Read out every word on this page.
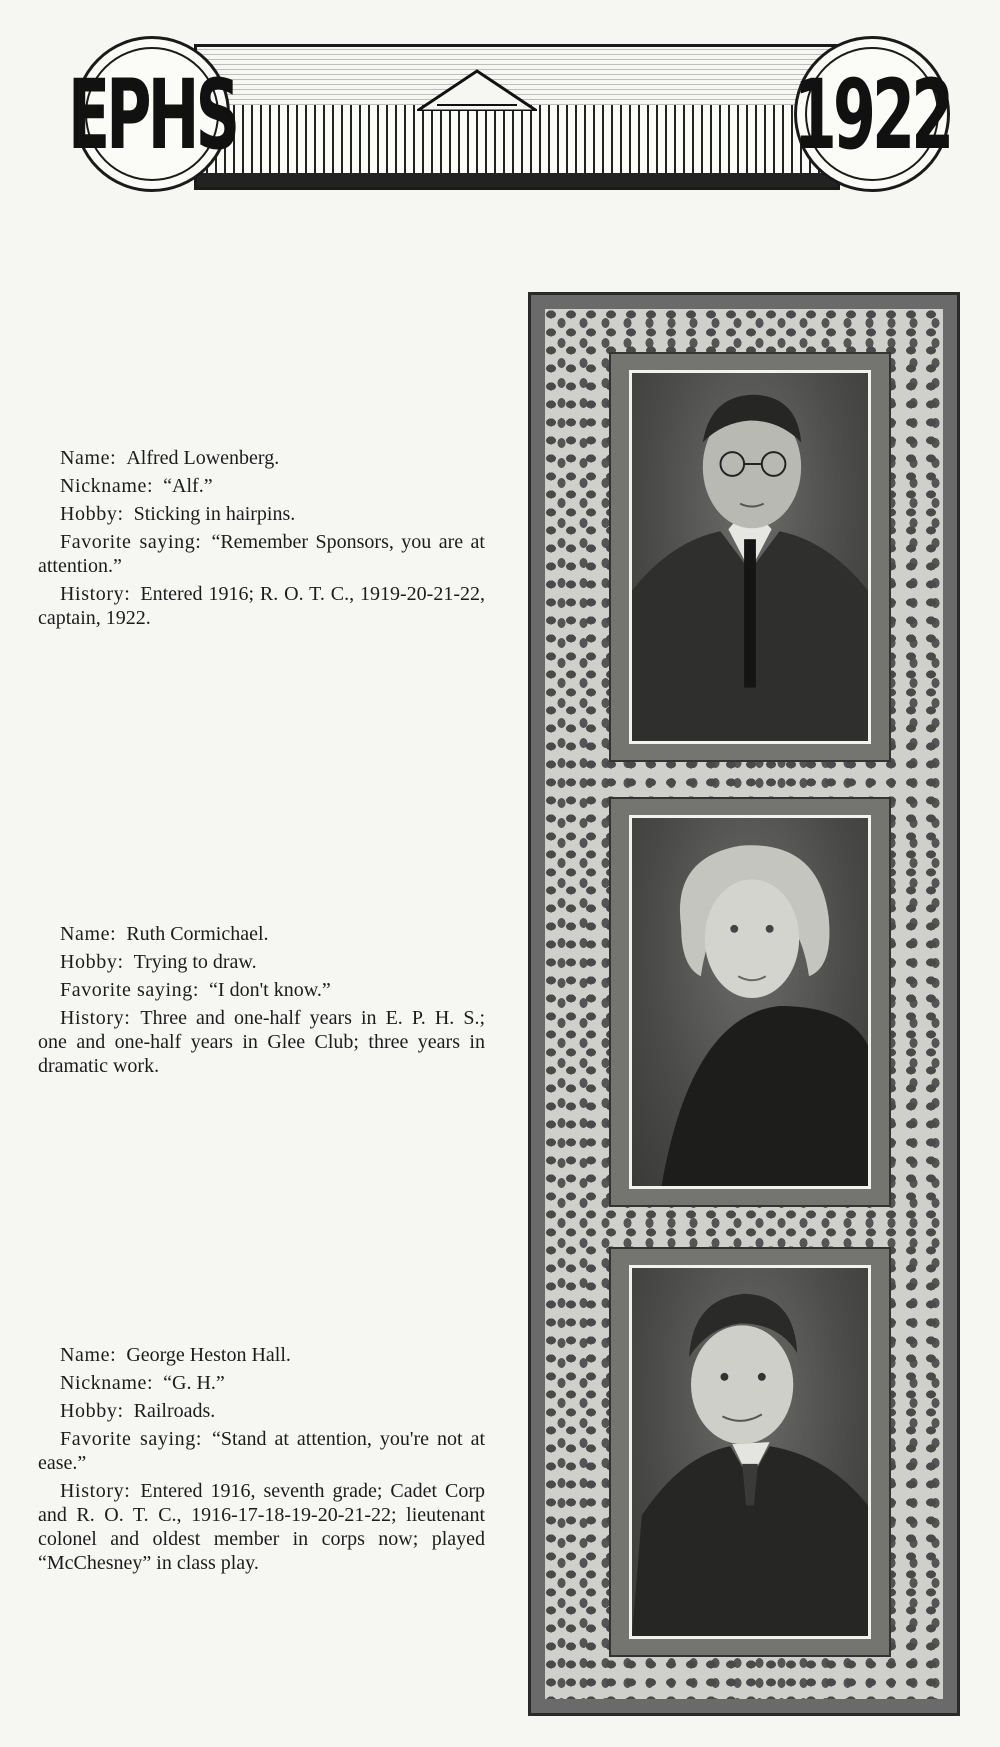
EPHS	1922

Name: Alfred Lowenberg.

Nickname: “Alf.”

Hobby: Sticking in hairpins.

Favorite saying: “Remember Sponsors, you are at attention.”

History: Entered 1916; R. O. T. C., 1919-20-21-22, captain, 1922.

Name: Ruth Cormichael.

Hobby: Trying to draw.

Favorite saying: “I don't know.”

History: Three and one-half years in E. P. H. S.; one and one-half years in Glee Club; three years in dramatic work.

Name: George Heston Hall.

Nickname: “G. H.”

Hobby: Railroads.

Favorite saying: “Stand at attention, you're not at ease.”

History: Entered 1916, seventh grade; Cadet Corp and R. O. T. C., 1916-17-18-19-20-21-22; lieutenant colonel and oldest member in corps now; played “McChesney” in class play.
